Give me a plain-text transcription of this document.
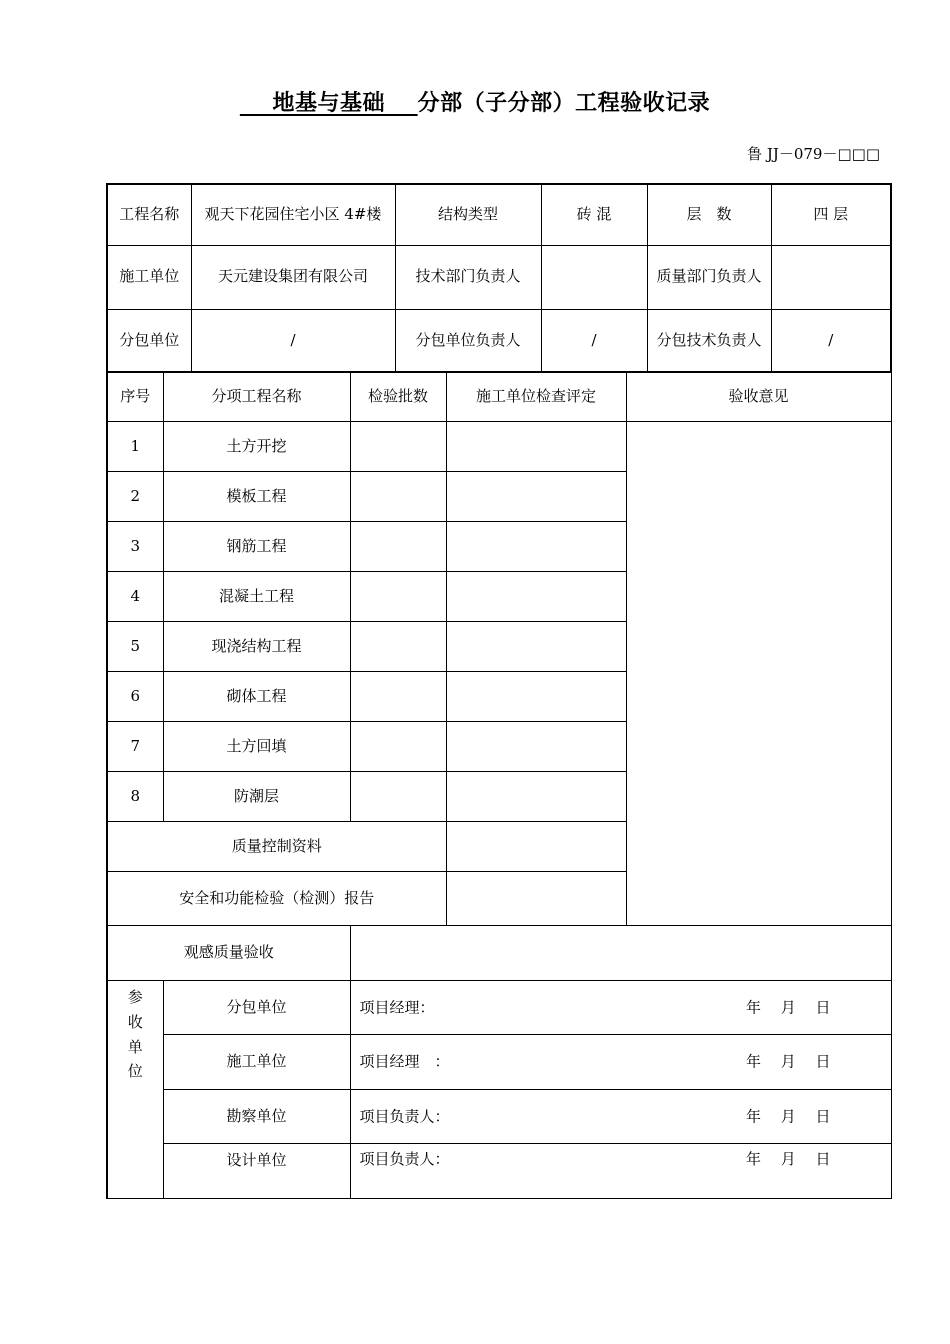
地基与基础    分部（子分部）工程验收记录
鲁 JJ－079－□□□
工程名称	观天下花园住宅小区 4#楼	结构类型	砖 混	层　数	四 层
施工单位	天元建设集团有限公司	技术部门负责人		质量部门负责人	
分包单位	/	分包单位负责人	/	分包技术负责人	/
序号	分项工程名称	检验批数	施工单位检查评定	验收意见
1	土方开挖			
2	模板工程			
3	钢筋工程			
4	混凝土工程			
5	现浇结构工程			
6	砌体工程			
7	土方回填			
8	防潮层			
质量控制资料				
安全和功能检验（检测）报告				
观感质量验收				
参收单位	分包单位	项目经理： 年　 月　 日		

	施工单位	项目经理　： 年　 月　 日		

	勘察单位	项目负责人： 年　 月　 日		

	设计单位	项目负责人： 年　 月　 日		
